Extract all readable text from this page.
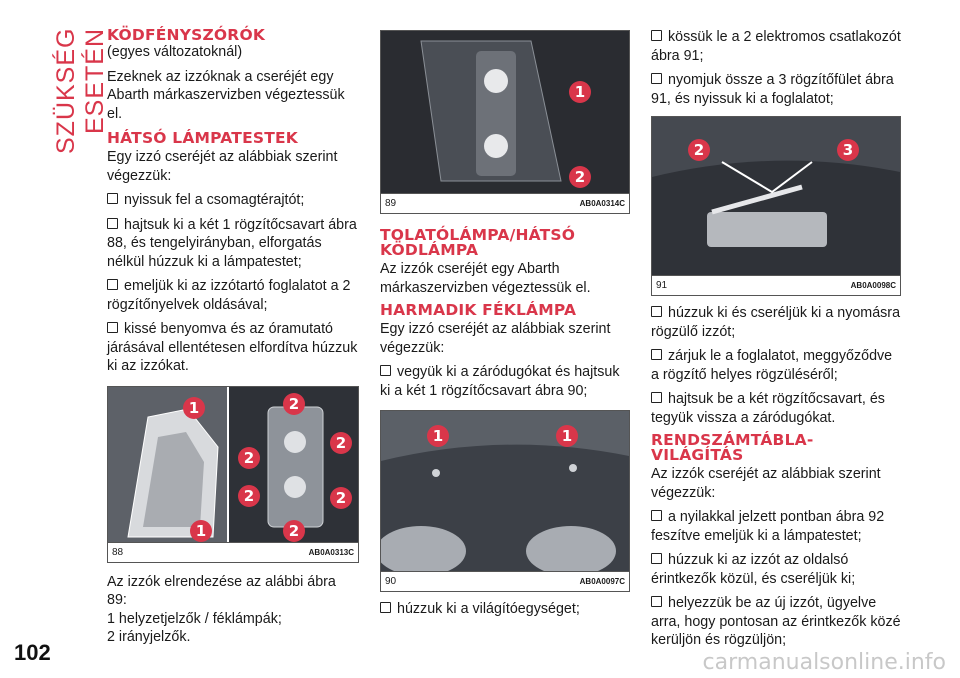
SZÜKSÉG ESETÉN
102
KÖDFÉNYSZÓRÓK

(egyes változatoknál)

Ezeknek az izzóknak a cseréjét egy Abarth márkaszervizben végeztessük el.

HÁTSÓ LÁMPATESTEK

Egy izzó cseréjét az alábbiak szerint végezzük:

nyissuk fel a csomagtérajtót;

hajtsuk ki a két 1 rögzítőcsavart ábra 88, és tengelyirányban, elforgatás nélkül húzzuk ki a lámpatestet;

emeljük ki az izzótartó foglalatot a 2 rögzítőnyelvek oldásával;

kissé benyomva és az óramutató járásával ellentétesen elfordítva húzzuk ki az izzókat.

1	2
2
2
2	2
1	2
88	AB0A0313C

Az izzók elrendezése az alábbi ábra 89:

1 helyzetjelzők / féklámpák;

2 irányjelzők.

1
2
89	AB0A0314C
TOLATÓLÁMPA/HÁTSÓ KÖDLÁMPA

Az izzók cseréjét egy Abarth márkaszervizben végeztessük el.

HARMADIK FÉKLÁMPA

Egy izzó cseréjét az alábbiak szerint végezzük:

vegyük ki a záródugókat és hajtsuk ki a két 1 rögzítőcsavart ábra 90;

1	1
90	AB0A0097C

húzzuk ki a világítóegységet;

kössük le a 2 elektromos csatlakozót ábra 91;

nyomjuk össze a 3 rögzítőfület ábra 91, és nyissuk ki a foglalatot;

2	3
91	AB0A0098C

húzzuk ki és cseréljük ki a nyomásra rögzülő izzót;

zárjuk le a foglalatot, meggyőződve a rögzítő helyes rögzüléséről;

hajtsuk be a két rögzítőcsavart, és tegyük vissza a záródugókat.

RENDSZÁMTÁBLA-VILÁGÍTÁS

Az izzók cseréjét az alábbiak szerint végezzük:

a nyilakkal jelzett pontban ábra 92 feszítve emeljük ki a lámpatestet;

húzzuk ki az izzót az oldalsó érintkezők közül, és cseréljük ki;

helyezzük be az új izzót, ügyelve arra, hogy pontosan az érintkezők közé kerüljön és rögzüljön;

carmanualsonline.info
